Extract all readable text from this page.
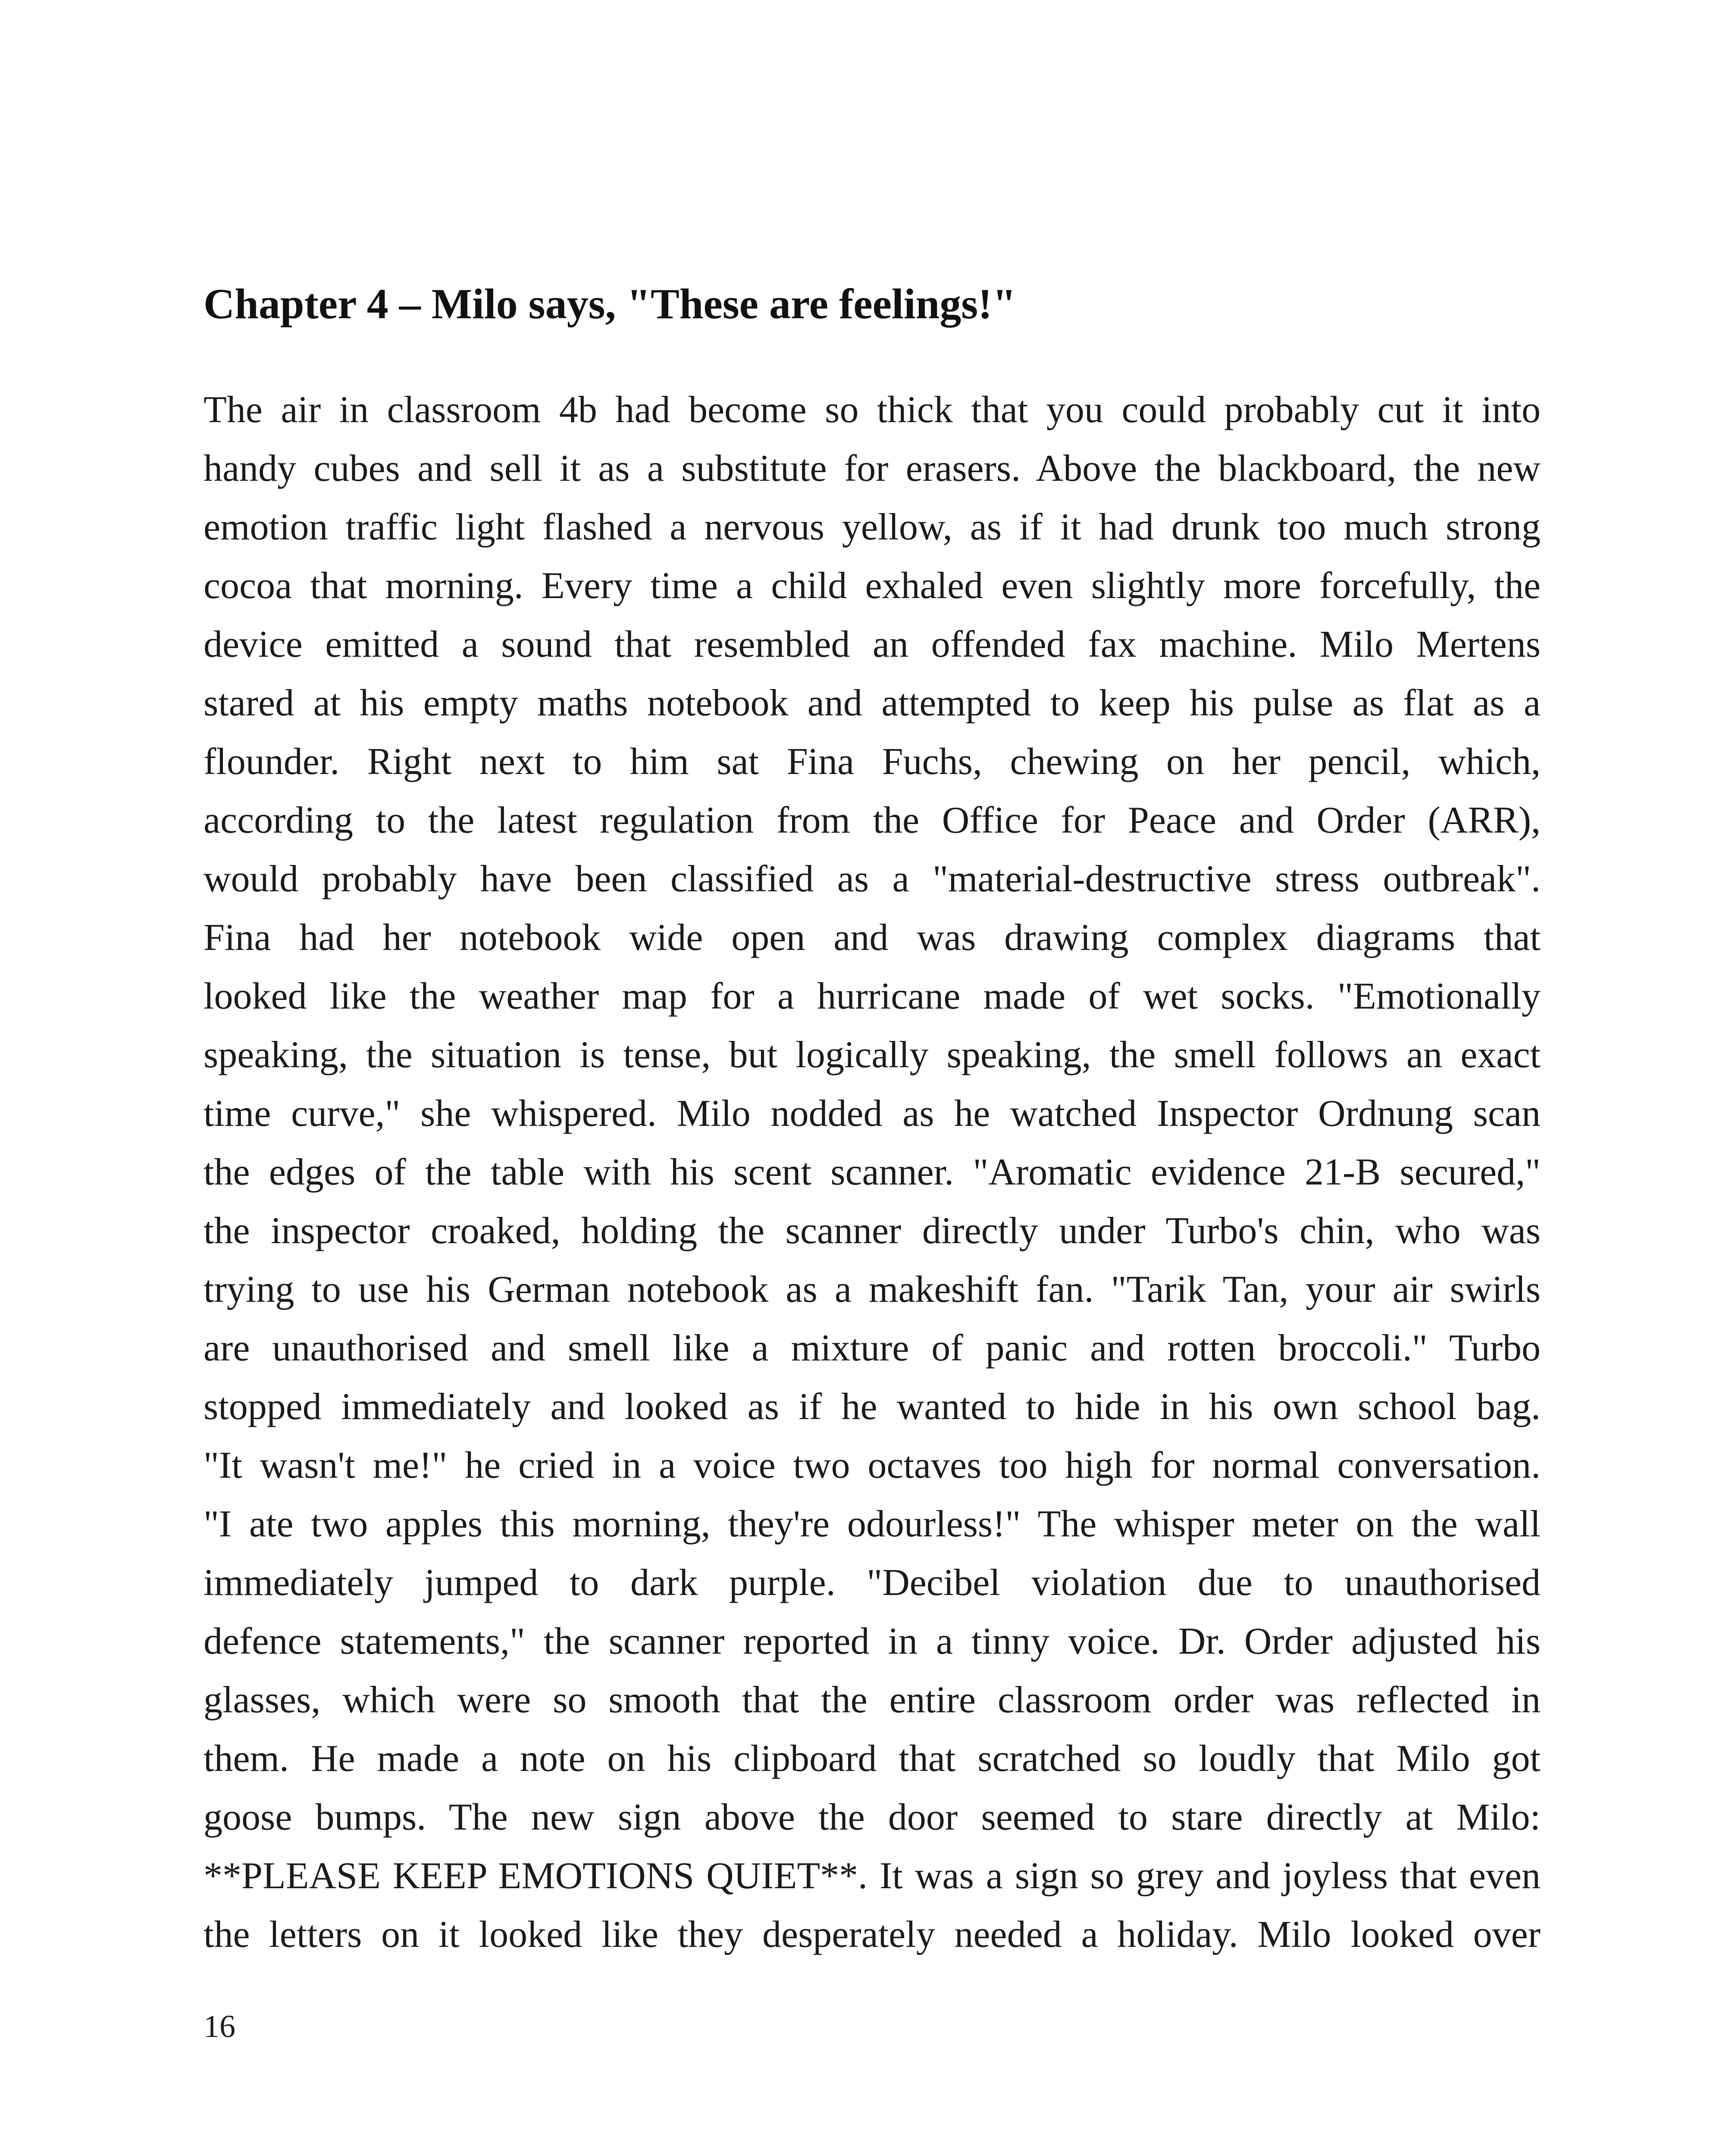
Chapter 4 – Milo says, "These are feelings!"
The air in classroom 4b had become so thick that you could probably cut it into
handy cubes and sell it as a substitute for erasers. Above the blackboard, the new
emotion traffic light flashed a nervous yellow, as if it had drunk too much strong
cocoa that morning. Every time a child exhaled even slightly more forcefully, the
device emitted a sound that resembled an offended fax machine. Milo Mertens
stared at his empty maths notebook and attempted to keep his pulse as flat as a
flounder. Right next to him sat Fina Fuchs, chewing on her pencil, which,
according to the latest regulation from the Office for Peace and Order (ARR),
would probably have been classified as a "material-destructive stress outbreak".
Fina had her notebook wide open and was drawing complex diagrams that
looked like the weather map for a hurricane made of wet socks. "Emotionally
speaking, the situation is tense, but logically speaking, the smell follows an exact
time curve," she whispered. Milo nodded as he watched Inspector Ordnung scan
the edges of the table with his scent scanner. "Aromatic evidence 21-B secured,"
the inspector croaked, holding the scanner directly under Turbo's chin, who was
trying to use his German notebook as a makeshift fan. "Tarik Tan, your air swirls
are unauthorised and smell like a mixture of panic and rotten broccoli." Turbo
stopped immediately and looked as if he wanted to hide in his own school bag.
"It wasn't me!" he cried in a voice two octaves too high for normal conversation.
"I ate two apples this morning, they're odourless!" The whisper meter on the wall
immediately jumped to dark purple. "Decibel violation due to unauthorised
defence statements," the scanner reported in a tinny voice. Dr. Order adjusted his
glasses, which were so smooth that the entire classroom order was reflected in
them. He made a note on his clipboard that scratched so loudly that Milo got
goose bumps. The new sign above the door seemed to stare directly at Milo:
**PLEASE KEEP EMOTIONS QUIET**. It was a sign so grey and joyless that even
the letters on it looked like they desperately needed a holiday. Milo looked over

16
